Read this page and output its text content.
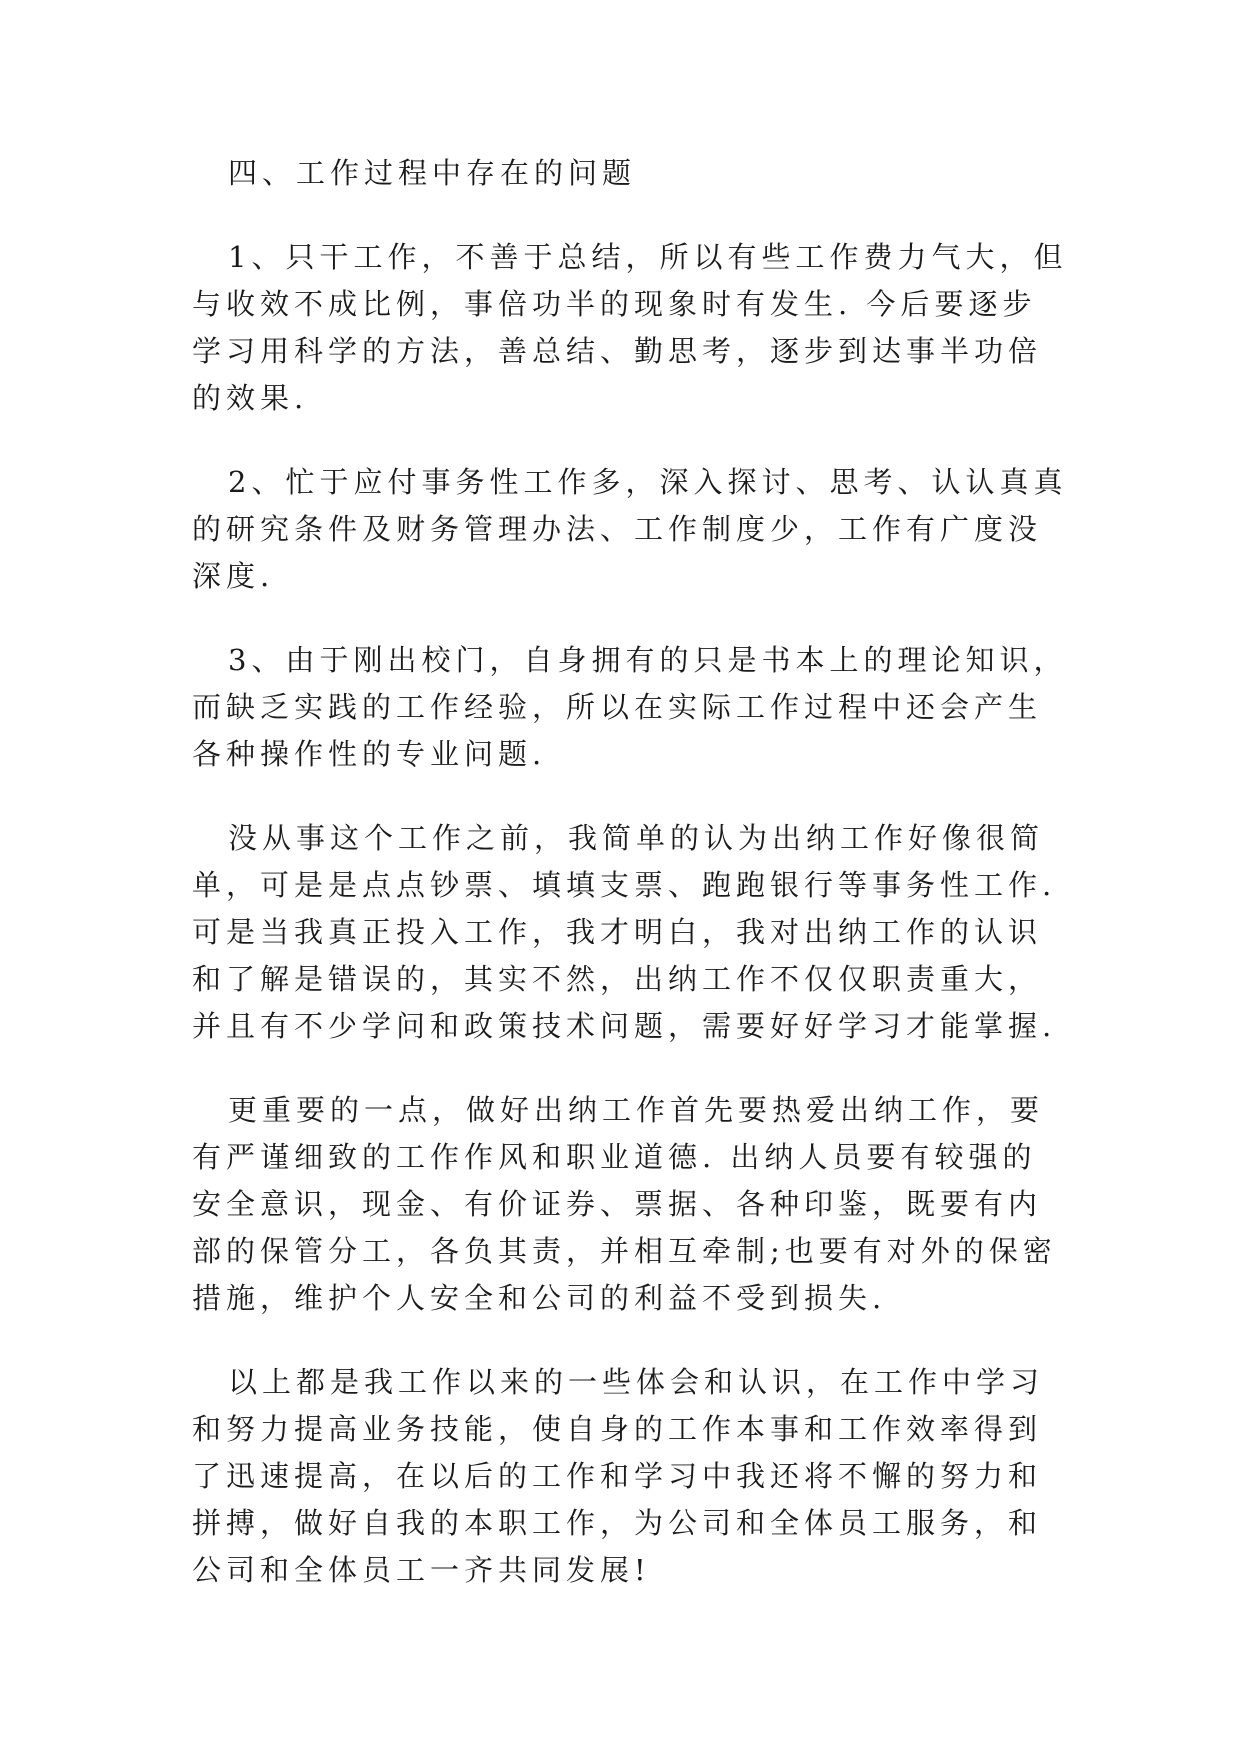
四、工作过程中存在的问题
1、只干工作，不善于总结，所以有些工作费力气大，但
与收效不成比例，事倍功半的现象时有发生. 今后要逐步
学习用科学的方法，善总结、勤思考，逐步到达事半功倍
的效果.
2、忙于应付事务性工作多，深入探讨、思考、认认真真
的研究条件及财务管理办法、工作制度少，工作有广度没
深度.
3、由于刚出校门，自身拥有的只是书本上的理论知识，
而缺乏实践的工作经验，所以在实际工作过程中还会产生
各种操作性的专业问题.
没从事这个工作之前，我简单的认为出纳工作好像很简
单，可是是点点钞票、填填支票、跑跑银行等事务性工作.
可是当我真正投入工作，我才明白，我对出纳工作的认识
和了解是错误的，其实不然，出纳工作不仅仅职责重大，
并且有不少学问和政策技术问题，需要好好学习才能掌握.
更重要的一点，做好出纳工作首先要热爱出纳工作，要
有严谨细致的工作作风和职业道德. 出纳人员要有较强的
安全意识，现金、有价证券、票据、各种印鉴，既要有内
部的保管分工，各负其责，并相互牵制;也要有对外的保密
措施，维护个人安全和公司的利益不受到损失.
以上都是我工作以来的一些体会和认识，在工作中学习
和努力提高业务技能，使自身的工作本事和工作效率得到
了迅速提高，在以后的工作和学习中我还将不懈的努力和
拼搏，做好自我的本职工作，为公司和全体员工服务，和
公司和全体员工一齐共同发展!
